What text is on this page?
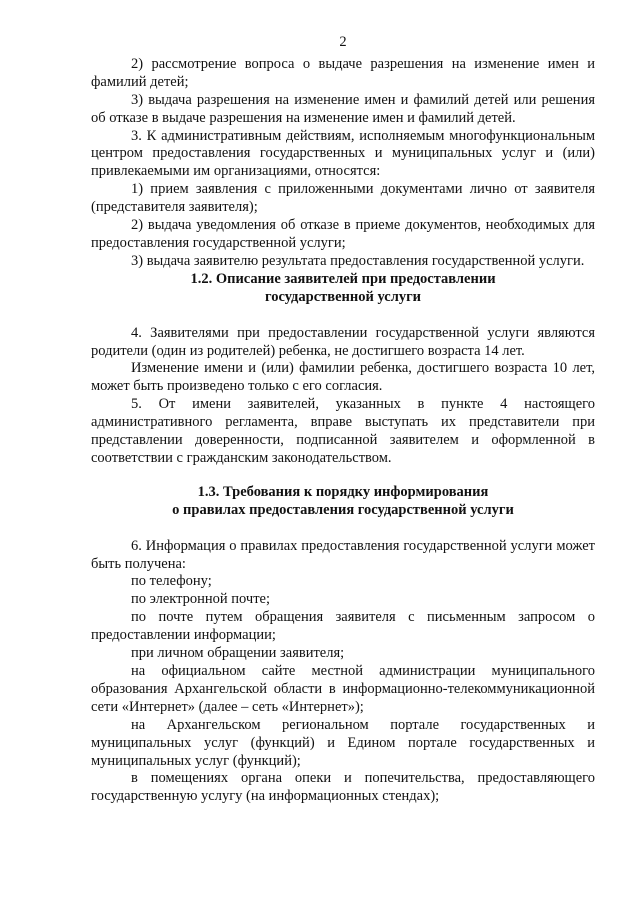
2

2) рассмотрение вопроса о выдаче разрешения на изменение имен и фамилий детей;

3) выдача разрешения на изменение имен и фамилий детей или решения об отказе в выдаче разрешения на изменение имен и фамилий детей.

3. К административным действиям, исполняемым многофункциональным центром предоставления государственных и муниципальных услуг и (или) привлекаемыми им организациями, относятся:

1) прием заявления с приложенными документами лично от заявителя (представителя заявителя);

2) выдача уведомления об отказе в приеме документов, необходимых для предоставления государственной услуги;

3) выдача заявителю результата предоставления государственной услуги.

1.2. Описание заявителей при предоставлении

государственной услуги

4. Заявителями при предоставлении государственной услуги являются родители (один из родителей) ребенка, не достигшего возраста 14 лет.

Изменение имени и (или) фамилии ребенка, достигшего возраста 10 лет, может быть произведено только с его согласия.

5. От имени заявителей, указанных в пункте 4 настоящего административного регламента, вправе выступать их представители при представлении доверенности, подписанной заявителем и оформленной в соответствии с гражданским законодательством.

1.3. Требования к порядку информирования

о правилах предоставления государственной услуги

6. Информация о правилах предоставления государственной услуги может быть получена:

по телефону;

по электронной почте;

по почте путем обращения заявителя с письменным запросом о предоставлении информации;

при личном обращении заявителя;

на официальном сайте местной администрации муниципального образования Архангельской области в информационно-телекоммуникационной сети «Интернет» (далее – сеть «Интернет»);

на Архангельском региональном портале государственных и муниципальных услуг (функций) и Едином портале государственных и муниципальных услуг (функций);

в помещениях органа опеки и попечительства, предоставляющего государственную услугу (на информационных стендах);
